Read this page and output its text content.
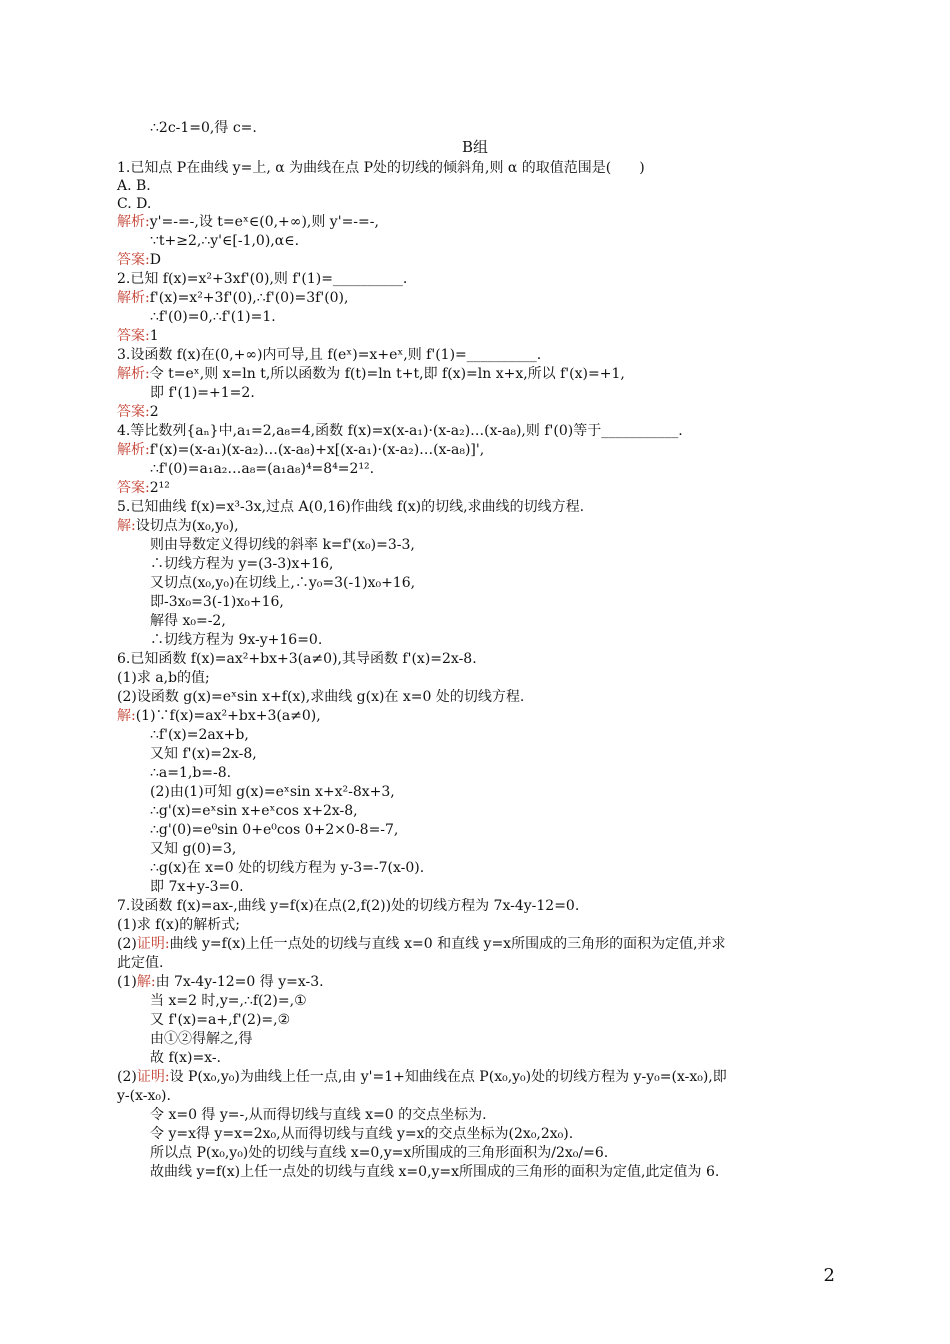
B组
∴2c-1=0,得 c=.
1.已知点 P在曲线 y=上, α 为曲线在点 P处的切线的倾斜角,则 α 的取值范围是(　　)
A. B.
C. D.
解析:y'=-=-,设 t=eˣ∈(0,+∞),则 y'=-=-,
∵t+≥2,∴y'∈[-1,0),α∈.
答案:D
2.已知 f(x)=x²+3xf'(0),则 f'(1)=__________.
解析:f'(x)=x²+3f'(0),∴f'(0)=3f'(0),
∴f'(0)=0,∴f'(1)=1.
答案:1
3.设函数 f(x)在(0,+∞)内可导,且 f(eˣ)=x+eˣ,则 f'(1)=__________.
解析:令 t=eˣ,则 x=ln t,所以函数为 f(t)=ln t+t,即 f(x)=ln x+x,所以 f'(x)=+1,
即 f'(1)=+1=2.
答案:2
4.等比数列{aₙ}中,a₁=2,a₈=4,函数 f(x)=x(x-a₁)·(x-a₂)…(x-a₈),则 f'(0)等于___________.
解析:f'(x)=(x-a₁)(x-a₂)…(x-a₈)+x[(x-a₁)·(x-a₂)…(x-a₈)]',
∴f'(0)=a₁a₂…a₈=(a₁a₈)⁴=8⁴=2¹².
答案:2¹²
5.已知曲线 f(x)=x³-3x,过点 A(0,16)作曲线 f(x)的切线,求曲线的切线方程.
解:设切点为(x₀,y₀),
则由导数定义得切线的斜率 k=f'(x₀)=3-3,
∴切线方程为 y=(3-3)x+16,
又切点(x₀,y₀)在切线上,∴y₀=3(-1)x₀+16,
即-3x₀=3(-1)x₀+16,
解得 x₀=-2,
∴切线方程为 9x-y+16=0.
6.已知函数 f(x)=ax²+bx+3(a≠0),其导函数 f'(x)=2x-8.
(1)求 a,b的值;
(2)设函数 g(x)=eˣsin x+f(x),求曲线 g(x)在 x=0 处的切线方程.
解:(1)∵f(x)=ax²+bx+3(a≠0),
∴f'(x)=2ax+b,
又知 f'(x)=2x-8,
∴a=1,b=-8.
(2)由(1)可知 g(x)=eˣsin x+x²-8x+3,
∴g'(x)=eˣsin x+eˣcos x+2x-8,
∴g'(0)=e⁰sin 0+e⁰cos 0+2×0-8=-7,
又知 g(0)=3,
∴g(x)在 x=0 处的切线方程为 y-3=-7(x-0).
即 7x+y-3=0.
7.设函数 f(x)=ax-,曲线 y=f(x)在点(2,f(2))处的切线方程为 7x-4y-12=0.
(1)求 f(x)的解析式;
(2)证明:曲线 y=f(x)上任一点处的切线与直线 x=0 和直线 y=x所围成的三角形的面积为定值,并求
此定值.
(1)解:由 7x-4y-12=0 得 y=x-3.
当 x=2 时,y=,∴f(2)=,①
又 f'(x)=a+,f'(2)=,②
由①②得解之,得
故 f(x)=x-.
(2)证明:设 P(x₀,y₀)为曲线上任一点,由 y'=1+知曲线在点 P(x₀,y₀)处的切线方程为 y-y₀=(x-x₀),即
y-(x-x₀).
令 x=0 得 y=-,从而得切线与直线 x=0 的交点坐标为.
令 y=x得 y=x=2x₀,从而得切线与直线 y=x的交点坐标为(2x₀,2x₀).
所以点 P(x₀,y₀)处的切线与直线 x=0,y=x所围成的三角形面积为/2x₀/=6.
故曲线 y=f(x)上任一点处的切线与直线 x=0,y=x所围成的三角形的面积为定值,此定值为 6.
2
